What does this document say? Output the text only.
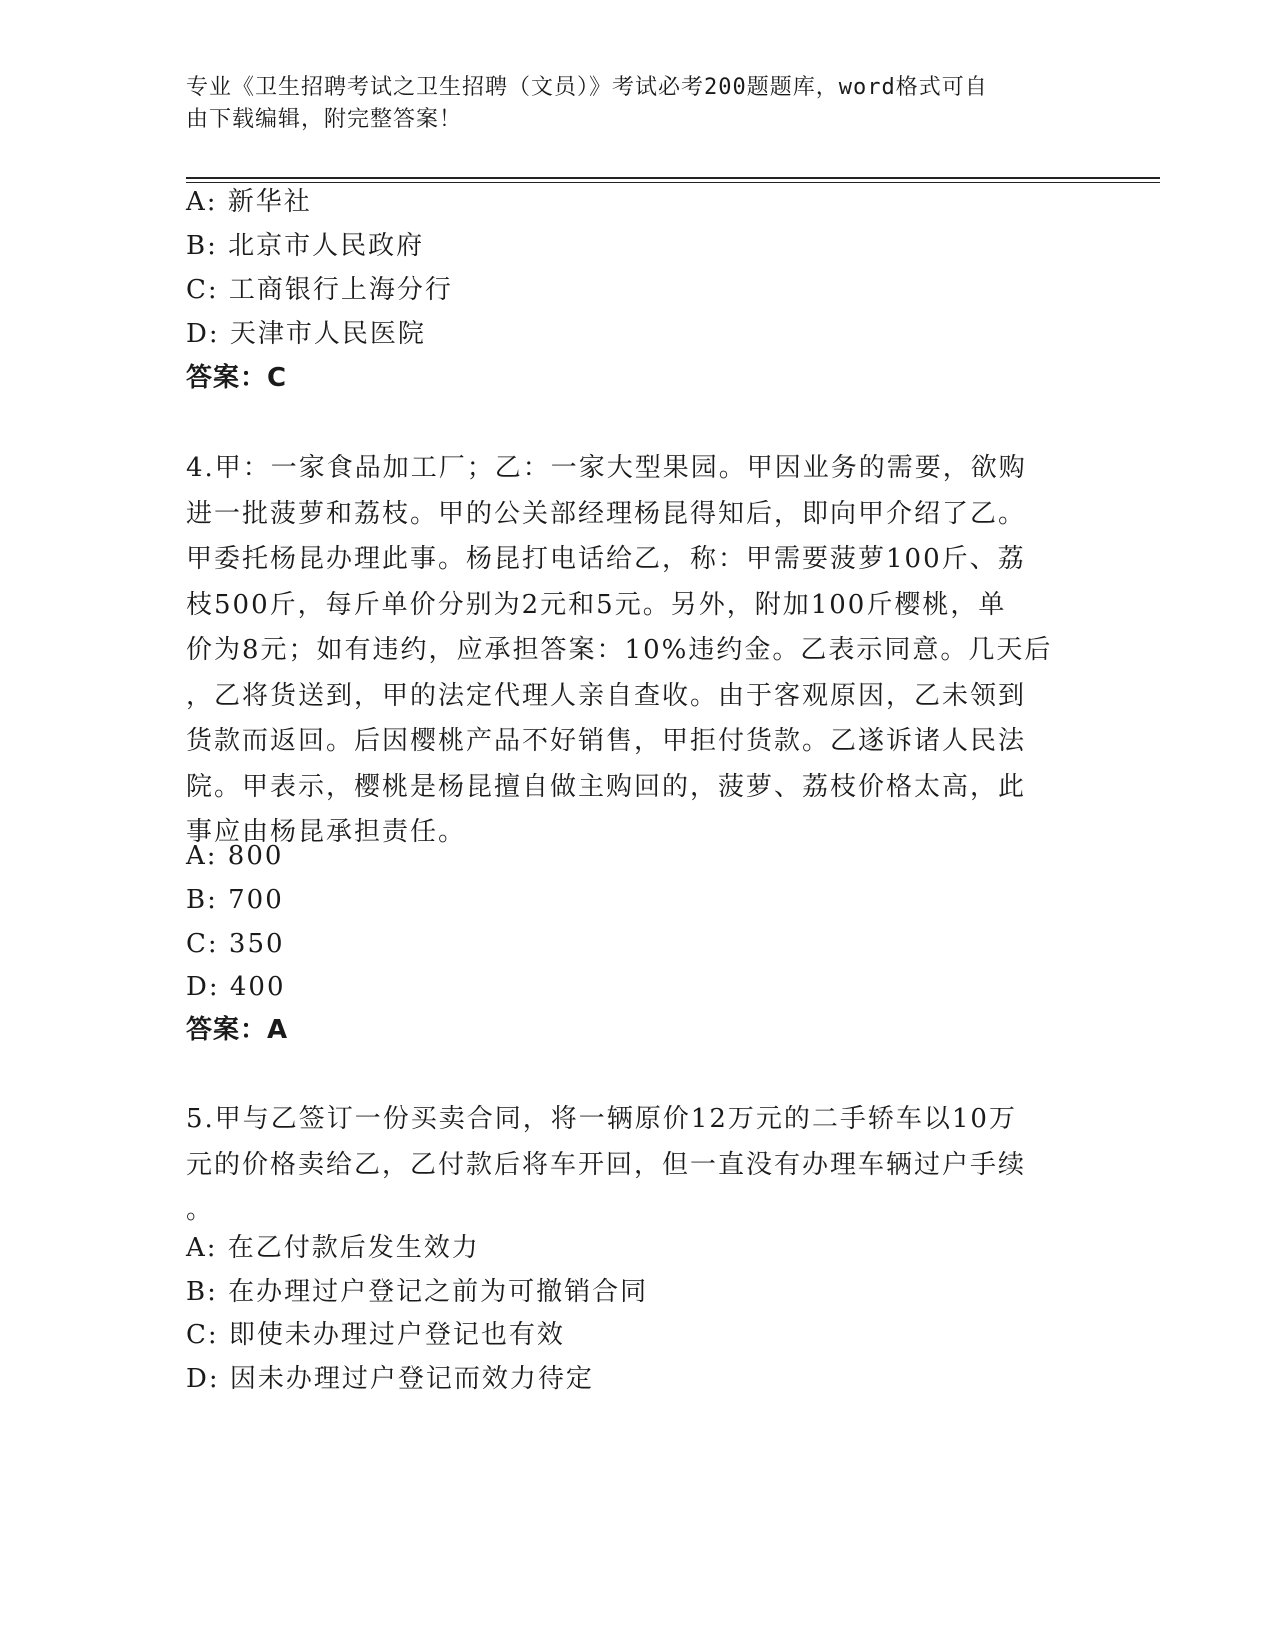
专业《卫生招聘考试之卫生招聘（文员）》考试必考200题题库，word格式可自
由下载编辑，附完整答案！

A: 新华社

B: 北京市人民政府

C: 工商银行上海分行

D: 天津市人民医院

答案：C

4.甲：一家食品加工厂；乙：一家大型果园。甲因业务的需要，欲购
进一批菠萝和荔枝。甲的公关部经理杨昆得知后，即向甲介绍了乙。
甲委托杨昆办理此事。杨昆打电话给乙，称：甲需要菠萝100斤、荔
枝500斤，每斤单价分别为2元和5元。另外，附加100斤樱桃，单
价为8元；如有违约，应承担答案：10%违约金。乙表示同意。几天后
，乙将货送到，甲的法定代理人亲自查收。由于客观原因，乙未领到
货款而返回。后因樱桃产品不好销售，甲拒付货款。乙遂诉诸人民法
院。甲表示，樱桃是杨昆擅自做主购回的，菠萝、荔枝价格太高，此
事应由杨昆承担责任。

A: 800

B: 700

C: 350

D: 400

答案：A

5.甲与乙签订一份买卖合同，将一辆原价12万元的二手轿车以10万
元的价格卖给乙，乙付款后将车开回，但一直没有办理车辆过户手续
。

A: 在乙付款后发生效力

B: 在办理过户登记之前为可撤销合同

C: 即使未办理过户登记也有效

D: 因未办理过户登记而效力待定
